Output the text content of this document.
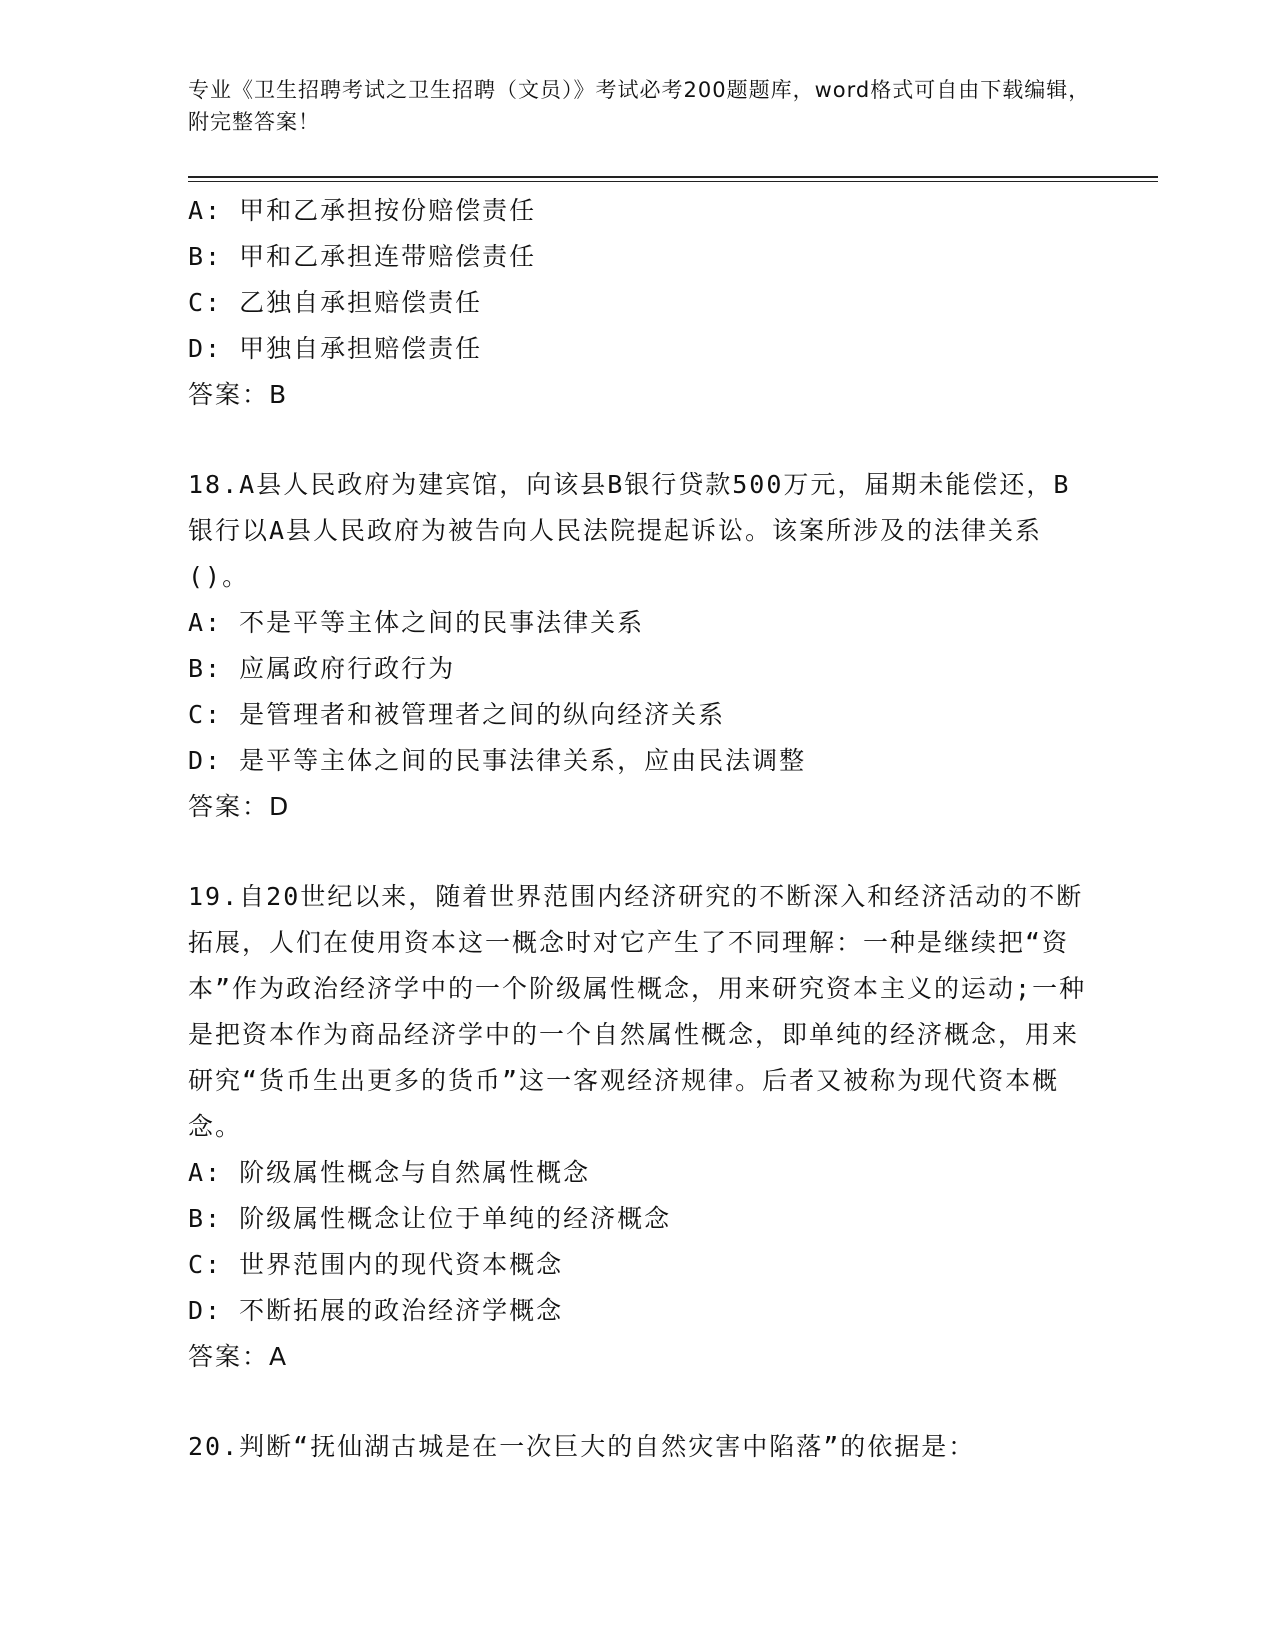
专业《卫生招聘考试之卫生招聘（文员）》考试必考200题题库，word格式可自由下载编辑，附完整答案！

A: 甲和乙承担按份赔偿责任

B: 甲和乙承担连带赔偿责任

C: 乙独自承担赔偿责任

D: 甲独自承担赔偿责任

答案：B

18.A县人民政府为建宾馆，向该县B银行贷款500万元，届期未能偿还，B银行以A县人民政府为被告向人民法院提起诉讼。该案所涉及的法律关系()。

A: 不是平等主体之间的民事法律关系

B: 应属政府行政行为

C: 是管理者和被管理者之间的纵向经济关系

D: 是平等主体之间的民事法律关系，应由民法调整

答案：D

19.自20世纪以来，随着世界范围内经济研究的不断深入和经济活动的不断拓展，人们在使用资本这一概念时对它产生了不同理解：一种是继续把“资本”作为政治经济学中的一个阶级属性概念，用来研究资本主义的运动;一种是把资本作为商品经济学中的一个自然属性概念，即单纯的经济概念，用来研究“货币生出更多的货币”这一客观经济规律。后者又被称为现代资本概念。

A: 阶级属性概念与自然属性概念

B: 阶级属性概念让位于单纯的经济概念

C: 世界范围内的现代资本概念

D: 不断拓展的政治经济学概念

答案：A

20.判断“抚仙湖古城是在一次巨大的自然灾害中陷落”的依据是：
